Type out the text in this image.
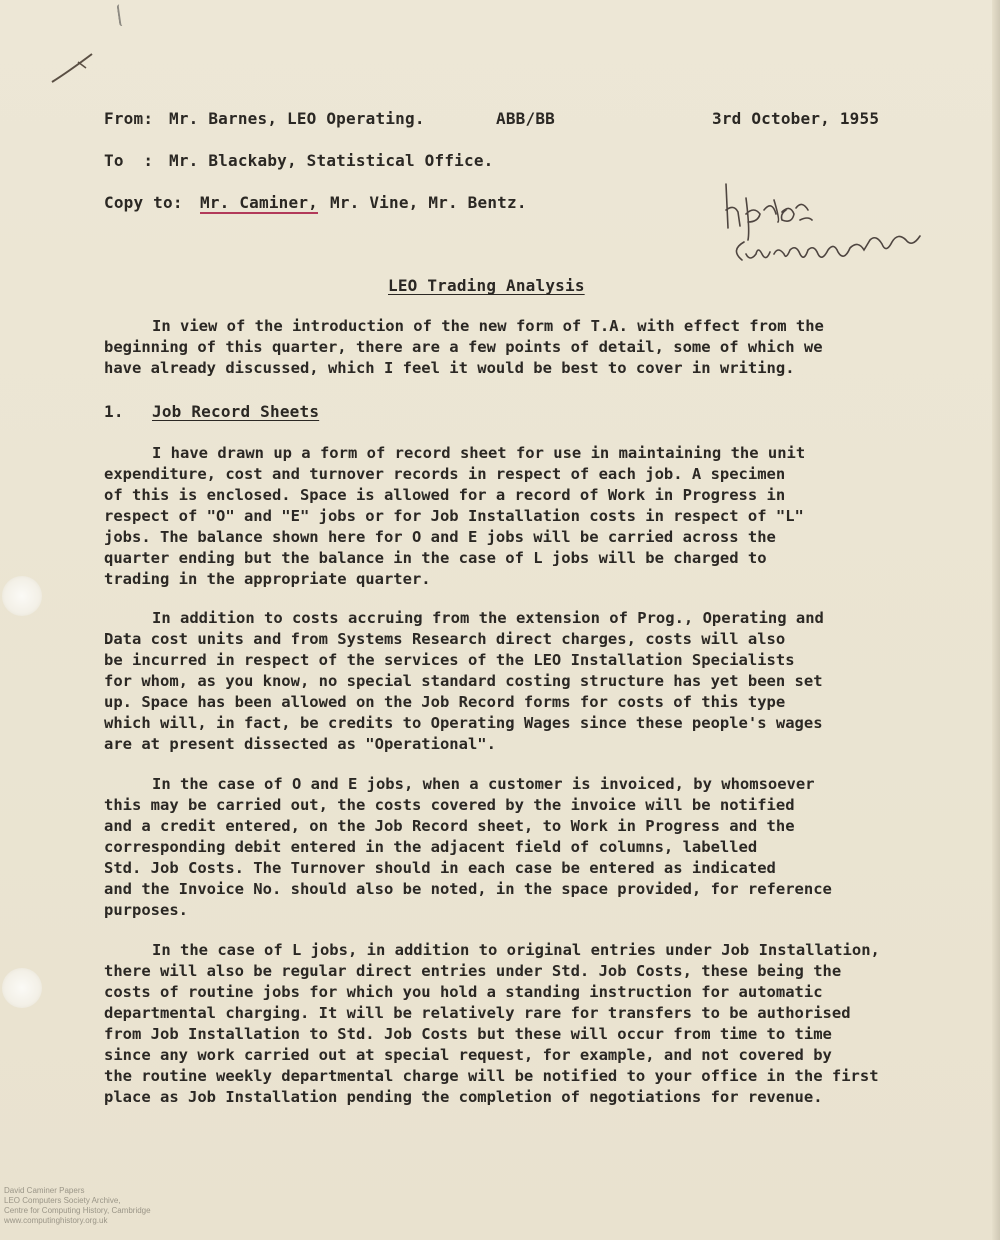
From: Mr. Barnes, LEO Operating.	ABB/BB	3rd October, 1955
To  : Mr. Blackaby, Statistical Office.
Copy to: Mr. Caminer, Mr. Vine, Mr. Bentz.
LEO Trading Analysis

In view of the introduction of the new form of T.A. with effect from the

beginning of this quarter, there are a few points of detail, some of which we

have already discussed, which I feel it would be best to cover in writing.

1. Job Record Sheets

I have drawn up a form of record sheet for use in maintaining the unit

expenditure, cost and turnover records in respect of each job. A specimen

of this is enclosed. Space is allowed for a record of Work in Progress in

respect of "O" and "E" jobs or for Job Installation costs in respect of "L"

jobs. The balance shown here for O and E jobs will be carried across the

quarter ending but the balance in the case of L jobs will be charged to

trading in the appropriate quarter.

In addition to costs accruing from the extension of Prog., Operating and

Data cost units and from Systems Research direct charges, costs will also

be incurred in respect of the services of the LEO Installation Specialists

for whom, as you know, no special standard costing structure has yet been set

up. Space has been allowed on the Job Record forms for costs of this type

which will, in fact, be credits to Operating Wages since these people's wages

are at present dissected as "Operational".

In the case of O and E jobs, when a customer is invoiced, by whomsoever

this may be carried out, the costs covered by the invoice will be notified

and a credit entered, on the Job Record sheet, to Work in Progress and the

corresponding debit entered in the adjacent field of columns, labelled

Std. Job Costs. The Turnover should in each case be entered as indicated

and the Invoice No. should also be noted, in the space provided, for reference

purposes.

In the case of L jobs, in addition to original entries under Job Installation,

there will also be regular direct entries under Std. Job Costs, these being the

costs of routine jobs for which you hold a standing instruction for automatic

departmental charging. It will be relatively rare for transfers to be authorised

from Job Installation to Std. Job Costs but these will occur from time to time

since any work carried out at special request, for example, and not covered by

the routine weekly departmental charge will be notified to your office in the first

place as Job Installation pending the completion of negotiations for revenue.

David Caminer Papers
LEO Computers Society Archive,
Centre for Computing History, Cambridge
www.computinghistory.org.uk
